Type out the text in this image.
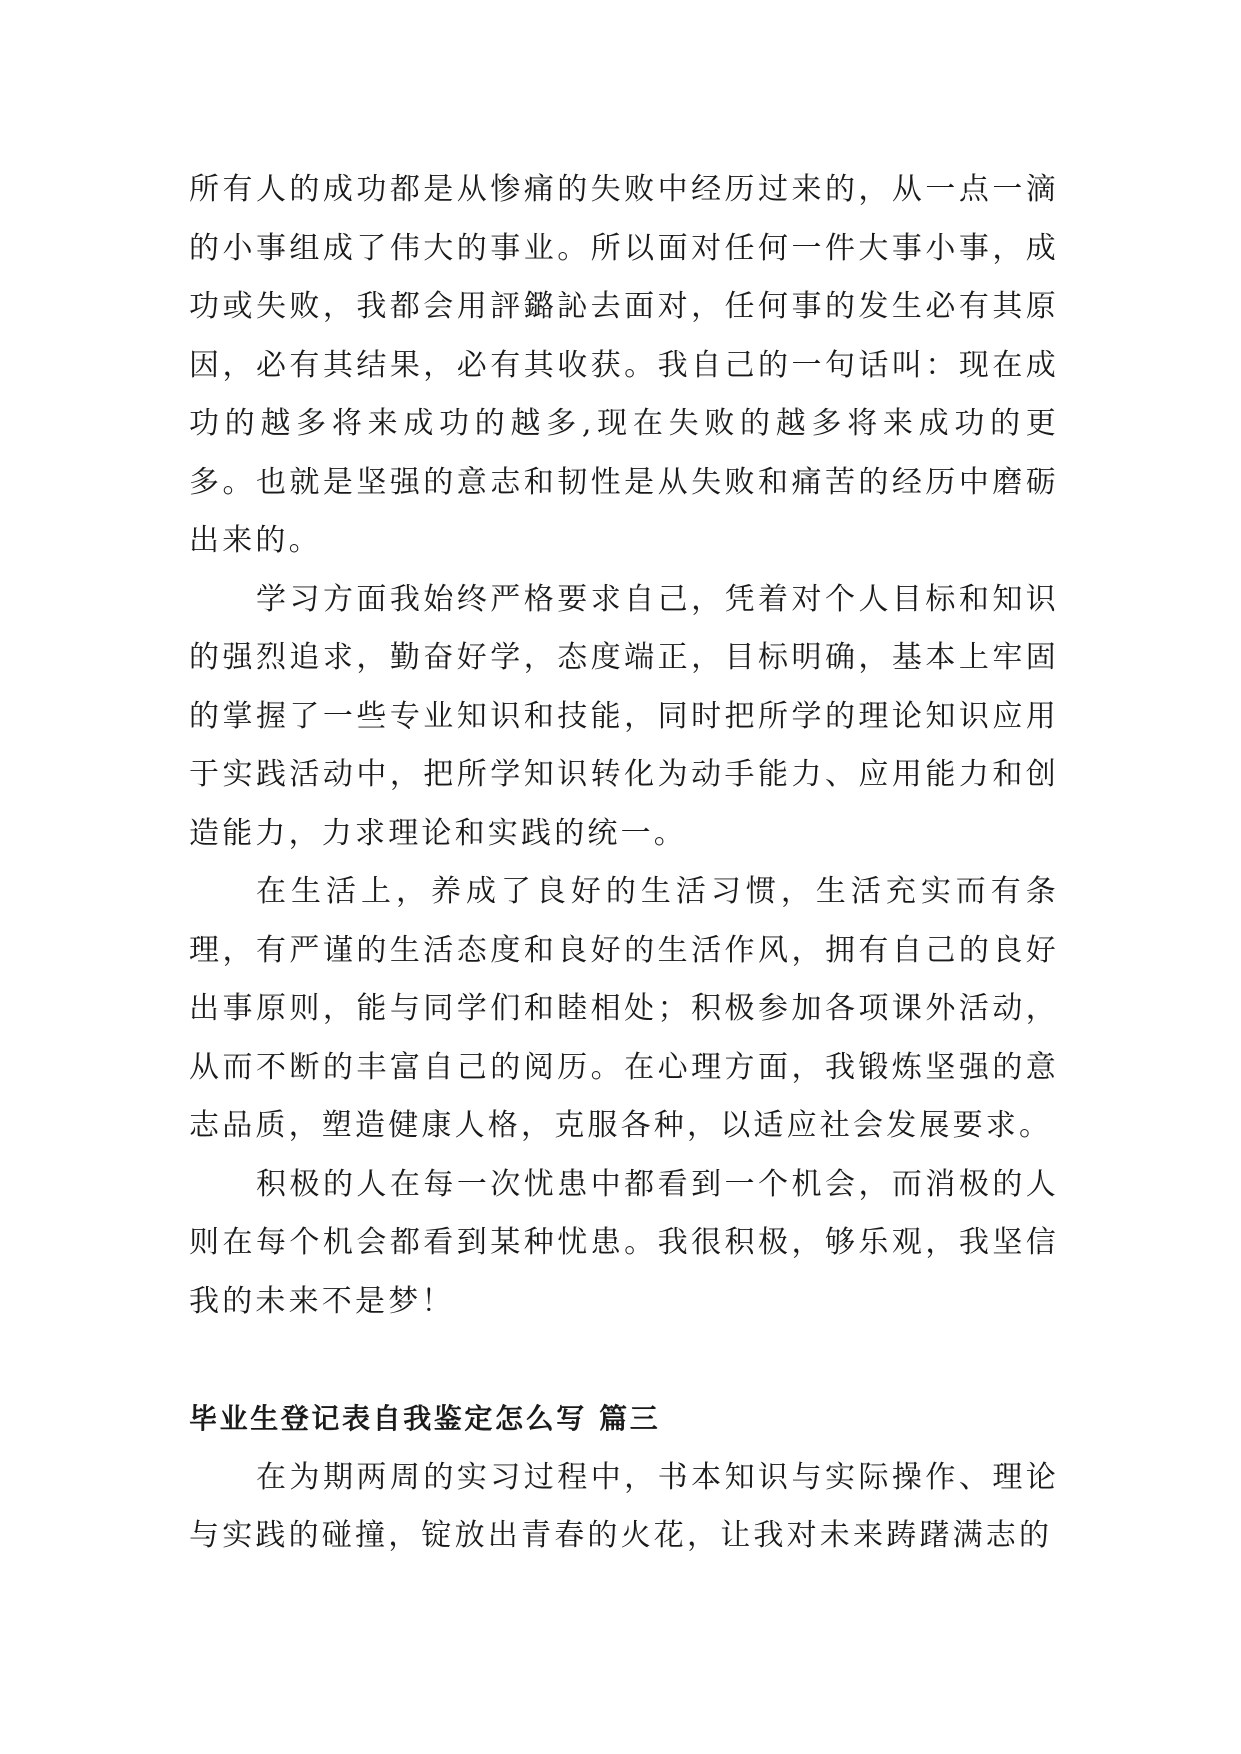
所有人的成功都是从惨痛的失败中经历过来的，从一点一滴的小事组成了伟大的事业。所以面对任何一件大事小事，成功或失败，我都会用評鏴訫去面对，任何事的发生必有其原因，必有其结果，必有其收获。我自己的一句话叫：现在成功的越多将来成功的越多,现在失败的越多将来成功的更多。也就是坚强的意志和韧性是从失败和痛苦的经历中磨砺出来的。

学习方面我始终严格要求自己，凭着对个人目标和知识的强烈追求，勤奋好学，态度端正，目标明确，基本上牢固的掌握了一些专业知识和技能，同时把所学的理论知识应用于实践活动中，把所学知识转化为动手能力、应用能力和创造能力，力求理论和实践的统一。

在生活上，养成了良好的生活习惯，生活充实而有条理，有严谨的生活态度和良好的生活作风，拥有自己的良好出事原则，能与同学们和睦相处；积极参加各项课外活动，从而不断的丰富自己的阅历。在心理方面，我锻炼坚强的意志品质，塑造健康人格，克服各种，以适应社会发展要求。

积极的人在每一次忧患中都看到一个机会，而消极的人则在每个机会都看到某种忧患。我很积极，够乐观，我坚信我的未来不是梦！

毕业生登记表自我鉴定怎么写 篇三

在为期两周的实习过程中，书本知识与实际操作、理论与实践的碰撞，锭放出青春的火花，让我对未来踌躇满志的
